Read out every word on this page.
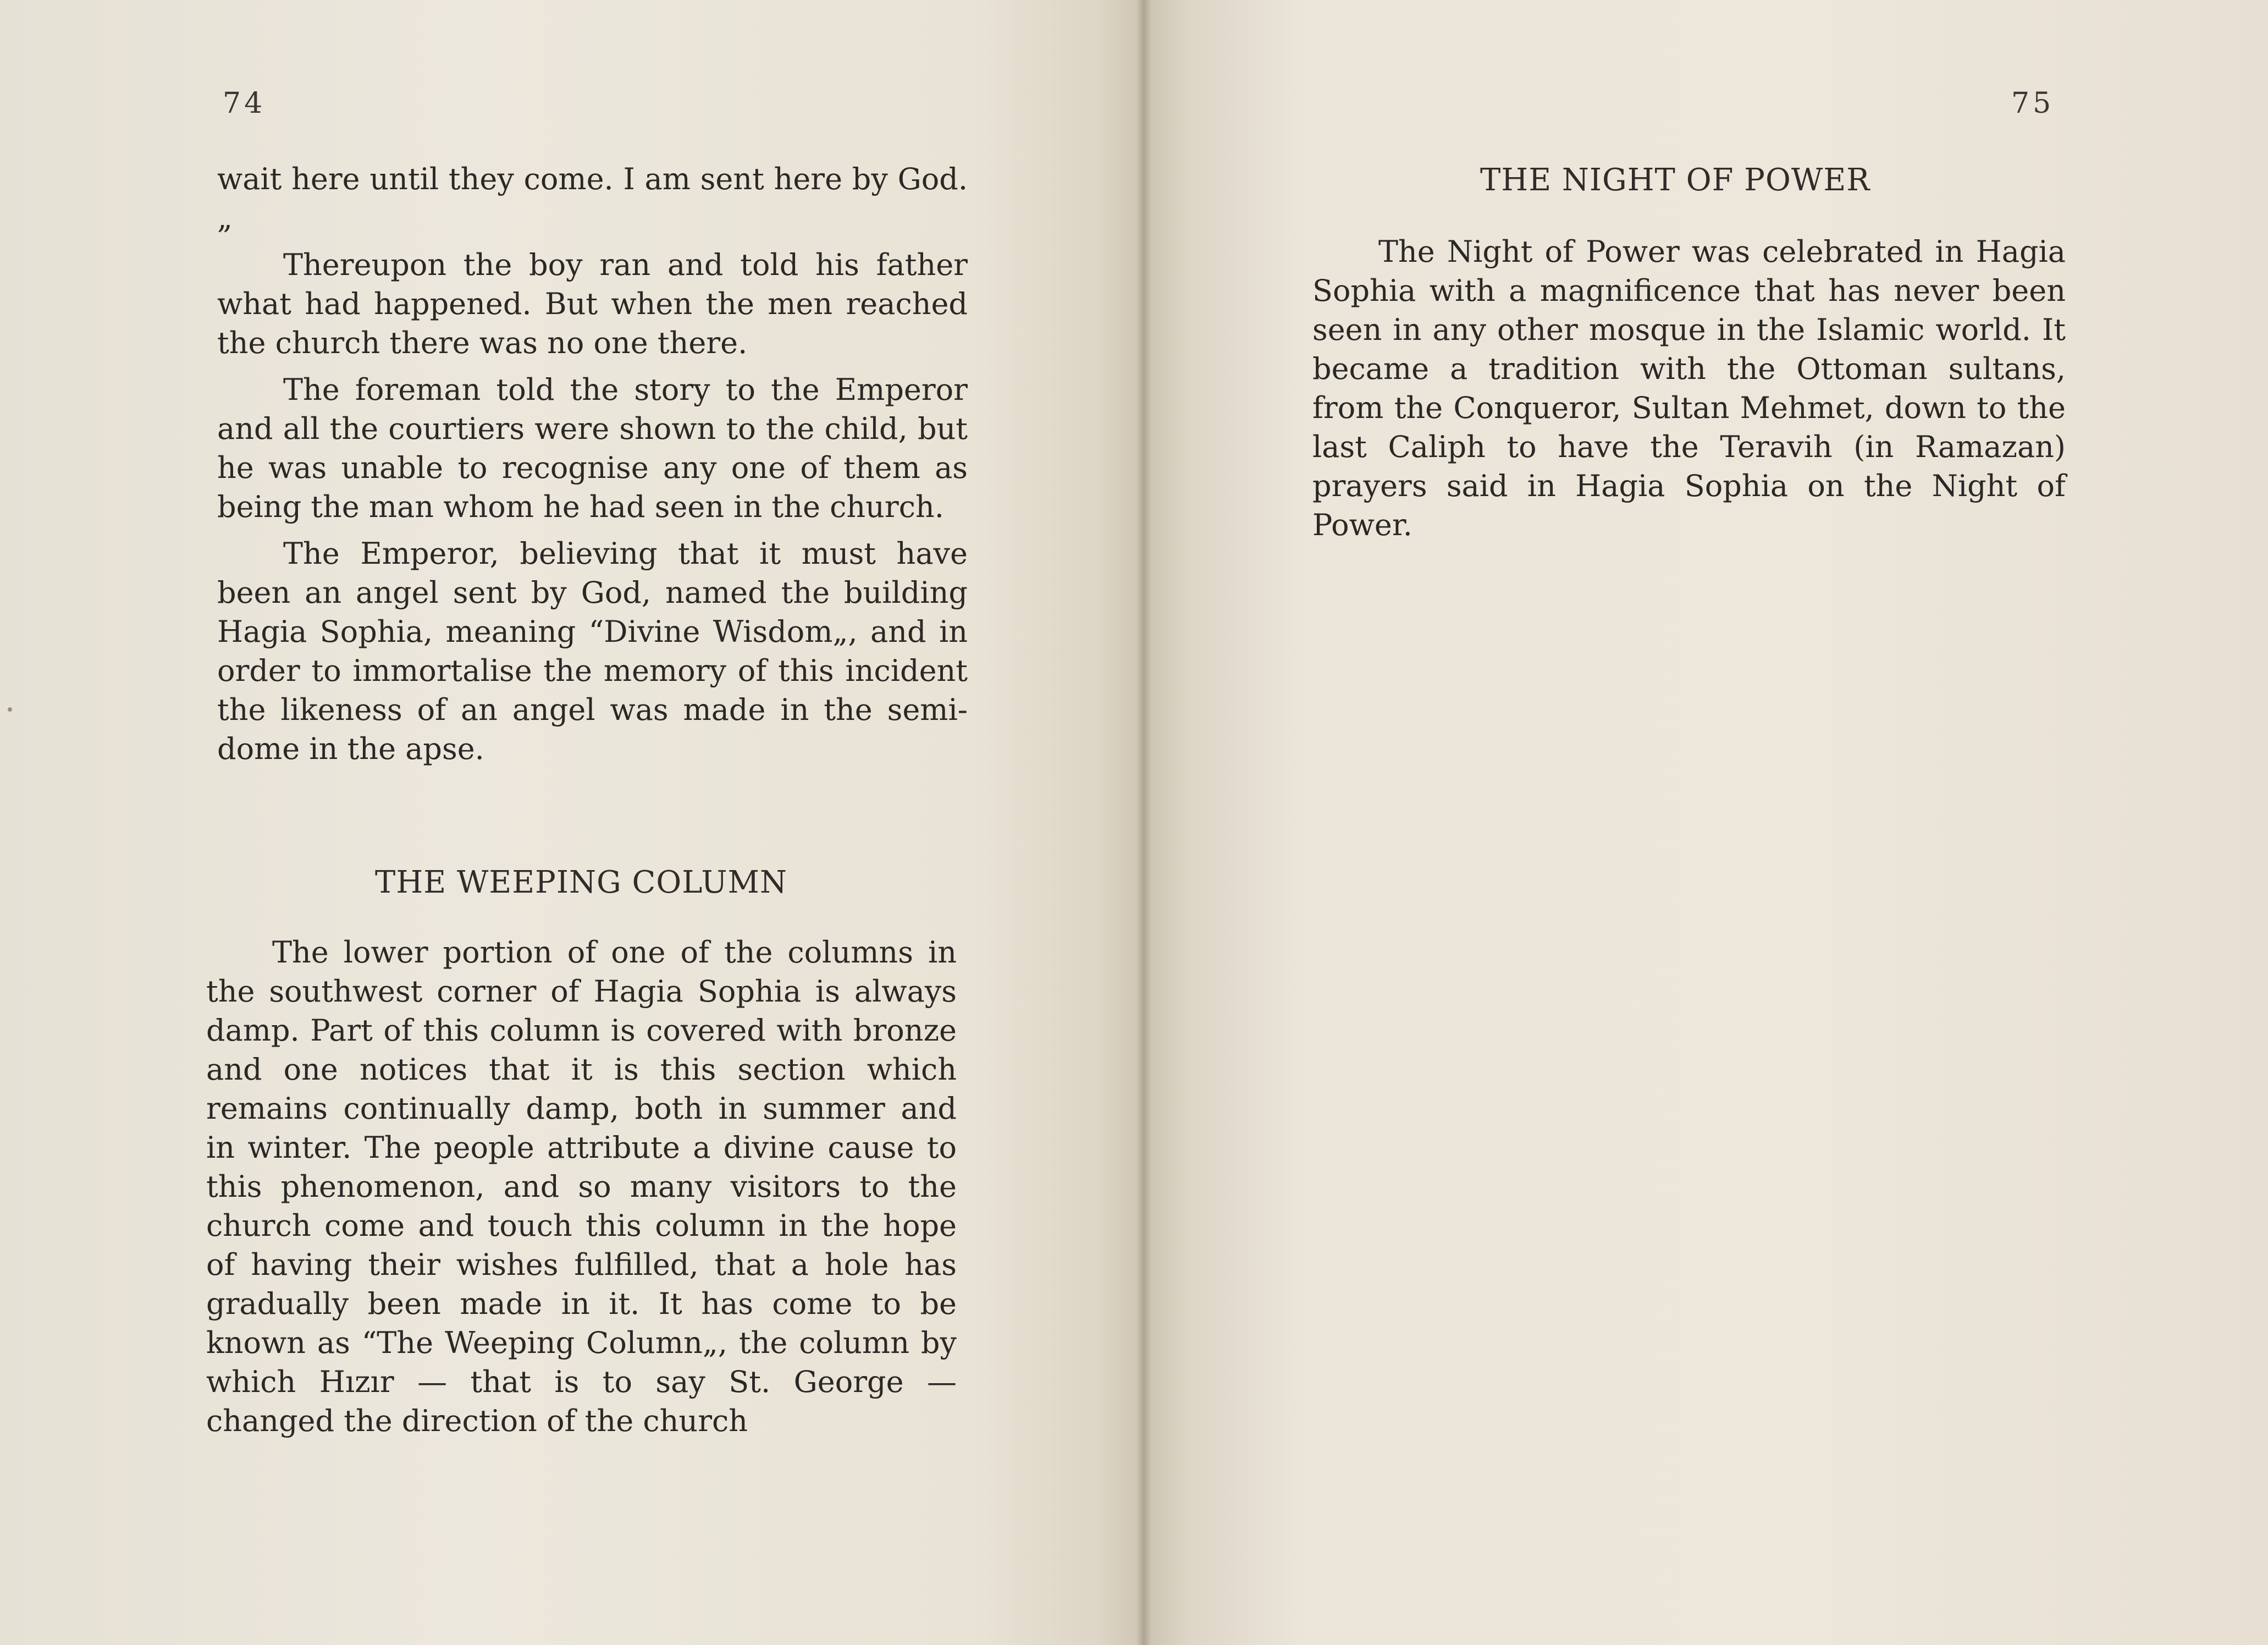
74

wait here until they come. I am sent here by God.„

Thereupon the boy ran and told his father what had happened. But when the men reached the church there was no one there.

The foreman told the story to the Emperor and all the courtiers were shown to the child, but he was unable to recognise any one of them as being the man whom he had seen in the church.

The Emperor, believing that it must have been an angel sent by God, named the building Hagia Sophia, meaning “Divine Wisdom„, and in order to immortalise the memory of this incident the likeness of an angel was made in the semi-dome in the apse.

THE WEEPING COLUMN

The lower portion of one of the columns in the southwest corner of Hagia Sophia is always damp. Part of this column is covered with bronze and one notices that it is this section which remains continually damp, both in summer and in winter. The people attribute a divine cause to this phenomenon, and so many visitors to the church come and touch this column in the hope of having their wishes fulfilled, that a hole has gradually been made in it. It has come to be known as “The Weeping Column„, the column by which Hızır — that is to say St. George — changed the direction of the church

75
THE NIGHT OF POWER

The Night of Power was celebrated in Hagia Sophia with a magnificence that has never been seen in any other mosque in the Islamic world. It became a tradition with the Ottoman sultans, from the Conqueror, Sultan Mehmet, down to the last Caliph to have the Teravih (in Ramazan) prayers said in Hagia Sophia on the Night of Power.
